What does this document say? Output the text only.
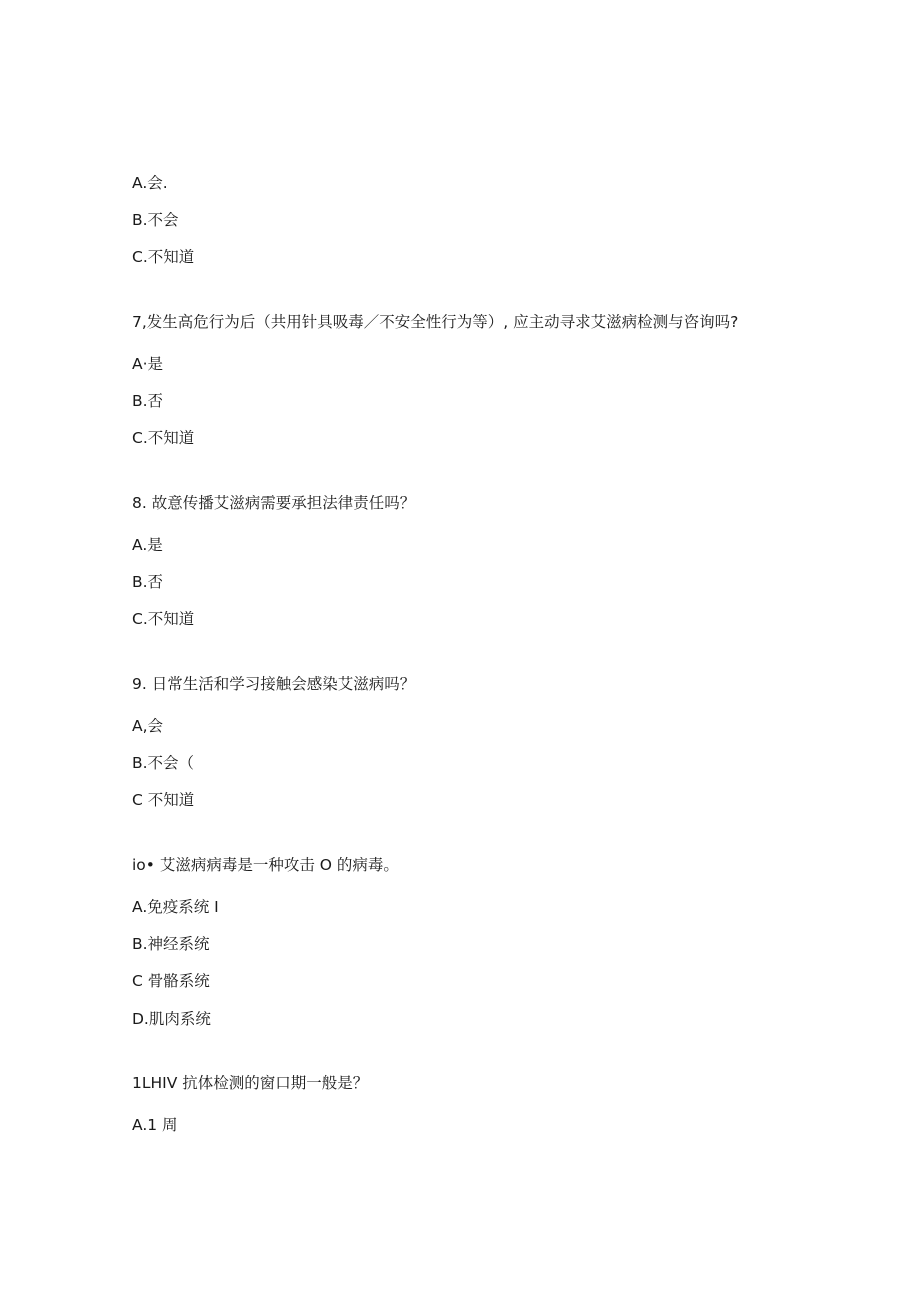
A.会.
B.不会
C.不知道
7,发生高危行为后（共用针具吸毒／不安全性行为等）, 应主动寻求艾滋病检测与咨询吗?
A·是
B.否
C.不知道
8. 故意传播艾滋病需要承担法律责任吗？
A.是
B.否
C.不知道
9. 日常生活和学习接触会感染艾滋病吗？
A,会
B.不会（
C 不知道
io• 艾滋病病毒是一种攻击 O 的病毒。
A.免疫系统 I
B.神经系统
C 骨骼系统
D.肌肉系统
1LHIV 抗体检测的窗口期一般是？
A.1 周
